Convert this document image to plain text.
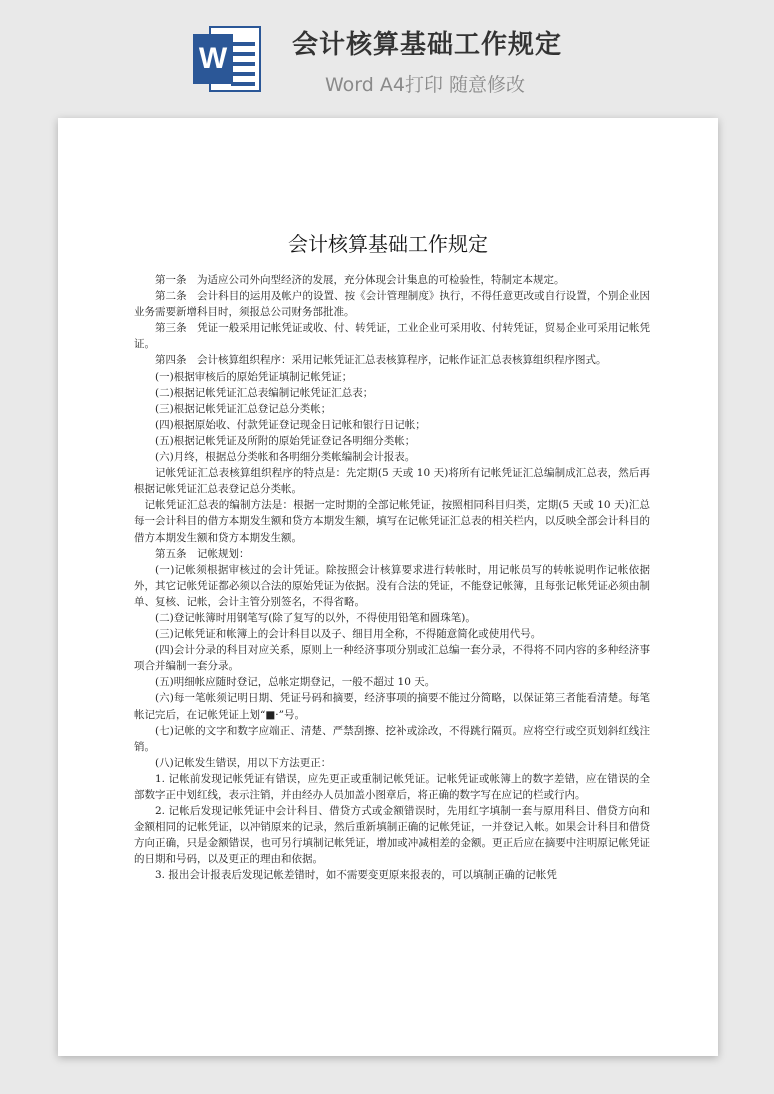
W 会计核算基础工作规定
Word A4打印 随意修改
会计核算基础工作规定

第一条　为适应公司外向型经济的发展，充分体现会计集息的可检验性，特制定本规定。

第二条　会计科目的运用及帐户的设置、按《会计管理制度》执行，不得任意更改或自行设置，个别企业因业务需要新增科目时，须报总公司财务部批准。

第三条　凭证一般采用记帐凭证或收、付、转凭证，工业企业可采用收、付转凭证，贸易企业可采用记帐凭证。

第四条　会计核算组织程序：采用记帐凭证汇总表核算程序，记帐作证汇总表核算组织程序图式。

(一)根据审核后的原始凭证填制记帐凭证；

(二)根据记帐凭证汇总表编制记帐凭证汇总表；

(三)根据记帐凭证汇总登记总分类帐；

(四)根据原始收、付款凭证登记现金日记帐和银行日记帐；

(五)根据记帐凭证及所附的原始凭证登记各明细分类帐；

(六)月终，根据总分类帐和各明细分类帐编制会计报表。

记帐凭证汇总表核算组织程序的特点是：先定期(5 天或 10 天)将所有记帐凭证汇总编制成汇总表，然后再根据记帐凭证汇总表登记总分类帐。

记帐凭证汇总表的编制方法是：根据一定时期的全部记帐凭证，按照相同科目归类，定期(5 天或 10 天)汇总每一会计科目的借方本期发生额和贷方本期发生额，填写在记帐凭证汇总表的相关栏内，以反映全部会计科目的借方本期发生额和贷方本期发生额。

第五条　记帐规划：

(一)记帐须根据审核过的会计凭证。除按照会计核算要求进行转帐时，用记帐员写的转帐说明作记帐依据外，其它记帐凭证都必须以合法的原始凭证为依据。没有合法的凭证，不能登记帐簿，且每张记帐凭证必须由制单、复核、记帐，会计主管分别签名，不得省略。

(二)登记帐簿时用钢笔写(除了复写的以外，不得使用铅笔和圆珠笔)。

(三)记帐凭证和帐簿上的会计科目以及子、细目用全称，不得随意简化或使用代号。

(四)会计分录的科目对应关系，原则上一种经济事项分别或汇总编一套分录，不得将不同内容的多种经济事项合并编制一套分录。

(五)明细帐应随时登记，总帐定期登记，一般不超过 10 天。

(六)每一笔帐须记明日期、凭证号码和摘要，经济事项的摘要不能过分简略，以保证第三者能看清楚。每笔帐记完后，在记帐凭证上划“■·”号。

(七)记帐的文字和数字应端正、清楚、严禁刮擦、挖补或涂改，不得跳行隔页。应将空行或空页划斜红线注销。

(八)记帐发生错误，用以下方法更正：

1. 记帐前发现记帐凭证有错误，应先更正或重制记帐凭证。记帐凭证或帐簿上的数字差错，应在错误的全部数字正中划红线，表示注销，并由经办人员加盖小图章后，将正确的数字写在应记的栏或行内。

2. 记帐后发现记帐凭证中会计科目、借贷方式或金额错误时，先用红字填制一套与原用科目、借贷方向和金额相同的记帐凭证，以冲销原来的记录，然后重新填制正确的记帐凭证，一并登记入帐。如果会计科目和借贷方向正确，只是金额错误，也可另行填制记帐凭证，增加或冲减相差的金额。更正后应在摘要中注明原记帐凭证的日期和号码，以及更正的理由和依据。

3. 报出会计报表后发现记帐差错时，如不需要变更原来报表的，可以填制正确的记帐凭
